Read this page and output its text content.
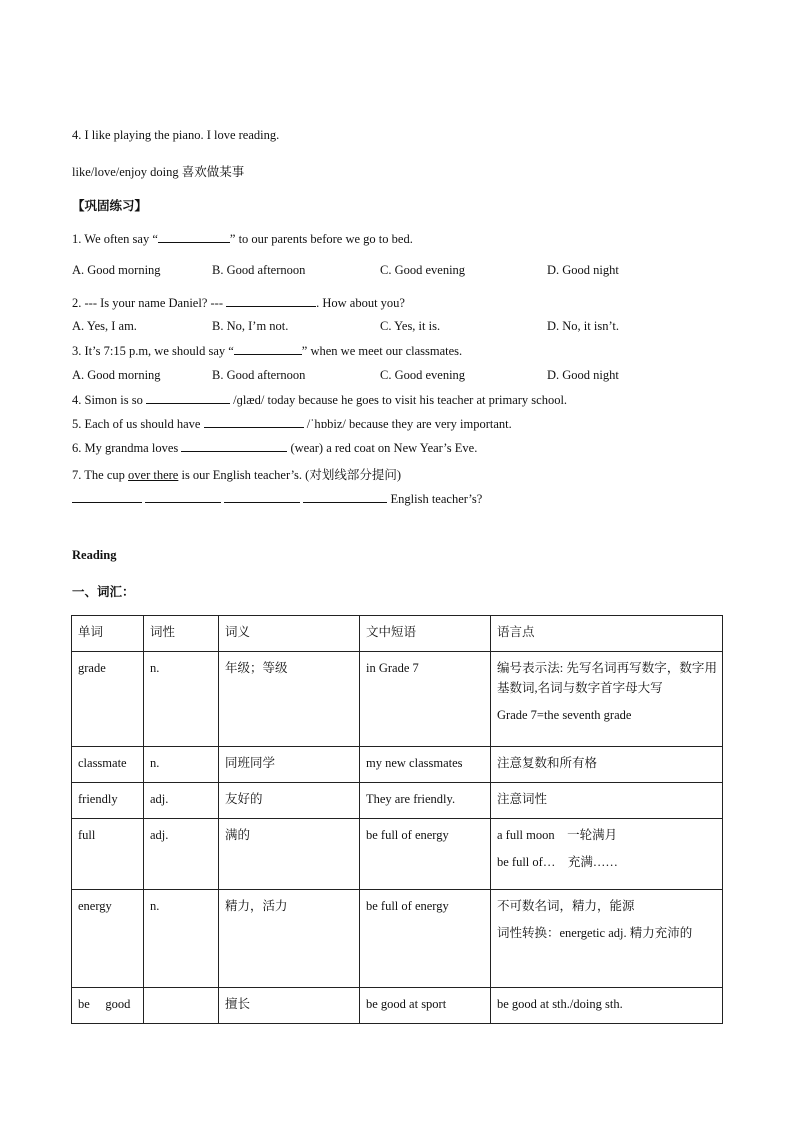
4. I like playing the piano. I love reading.
like/love/enjoy doing 喜欢做某事
【巩固练习】
1. We often say “	” to our parents before we go to bed.
A. Good morning	B. Good afternoon	C. Good evening	D. Good night
2. --- Is your name Daniel? ---	. How about you?
A. Yes, I am.	B. No, I’m not.	C. Yes, it is.	D. No, it isn’t.
3. It’s 7:15 p.m, we should say “	” when we meet our classmates.
A. Good morning	B. Good afternoon	C. Good evening	D. Good night
4. Simon is so	/ɡlæd/ today because he goes to visit his teacher at primary school.
5. Each of us should have	/ˈhɒbiz/ because they are very important.
6. My grandma loves	(wear) a red coat on New Year’s Eve.
7. The cup over there is our English teacher’s. (对划线部分提问)
English teacher’s?
Reading
一、词汇：
单词	词性	词义	文中短语	语言点
grade	n.	年级；等级	in Grade 7	编号表示法: 先写名词再写数字，数字用基数词,名词与数字首字母大写

Grade 7=the seventh grade

classmate	n.	同班同学	my new classmates	注意复数和所有格

friendly	adj.	友好的	They are friendly.	注意词性

full	adj.	满的	be full of energy	a full moon    一轮满月

be full of…    充满……

energy	n.	精力，活力	be full of energy	不可数名词，精力，能源

词性转换：energetic adj. 精力充沛的

be     good		擅长	be good at sport	be good at sth./doing sth.
